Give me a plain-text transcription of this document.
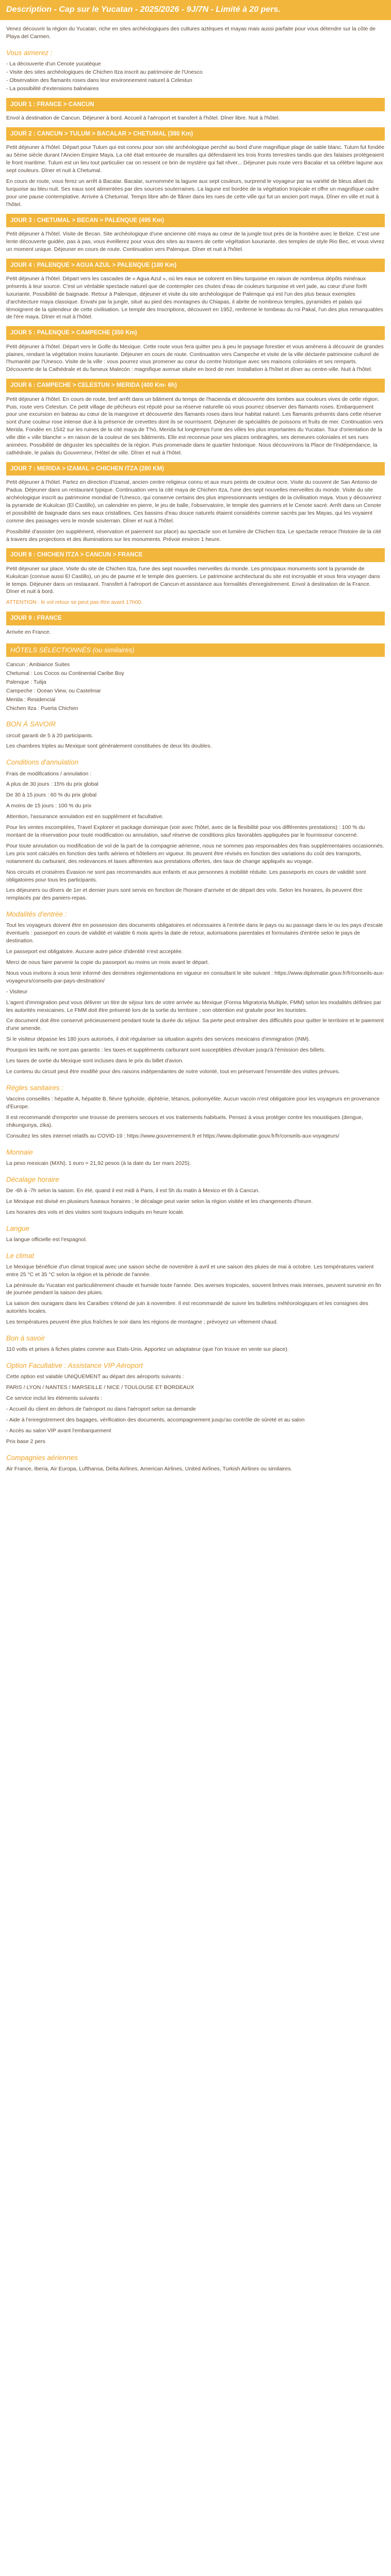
Description - Cap sur le Yucatan - 2025/2026 - 9J/7N - Limité à 20 pers.

Venez découvrir la région du Yucatan, riche en sites archéologiques des cultures aztèques et mayas mais aussi parfaite pour vous détendre sur la côte de Playa del Carmen.

Vous aimerez :
- La découverte d'un Cenote yucatèque
- Visite des sites archéologiques de Chichen Itza inscrit au patrimoine de l'Unesco
- Observation des flamants roses dans leur environnement naturel à Celestun
- La possibilité d'extensions balnéaires
JOUR 1 : FRANCE > CANCUN

Envol à destination de Cancun. Déjeuner à bord. Accueil à l'aéroport et transfert à l'hôtel. Dîner libre. Nuit à l'hôtel.

JOUR 2 : CANCUN > TULUM > BACALAR > CHETUMAL (380 Km)

Petit déjeuner à l'hôtel. Départ pour Tulum qui est connu pour son site archéologique perché au bord d'une magnifique plage de sable blanc. Tulum fut fondée au 5ème siècle durant l'Ancien Empire Maya. La cité était entourée de murailles qui défendaient les trois fronts terrestres tandis que des falaises protégeaient le front maritime. Tulum est un lieu tout particulier car on ressent ce brin de mystère qui fait rêver... Déjeuner puis route vers Bacalar et sa célèbre lagune aux sept couleurs. Dîner et nuit à Chetumal.

En cours de route, vous ferez un arrêt à Bacalar. Bacalar, surnommée la lagune aux sept couleurs, surprend le voyageur par sa variété de bleus allant du turquoise au bleu nuit. Ses eaux sont alimentées par des sources souterraines. La lagune est bordée de la végétation tropicale et offre un magnifique cadre pour une pause contemplative. Arrivée à Chetumal. Temps libre afin de flâner dans les rues de cette ville qui fut un ancien port maya. Dîner en ville et nuit à l'hôtel.

JOUR 3 : CHETUMAL > BECAN > PALENQUE (495 Km)

Petit déjeuner à l'hôtel. Visite de Becan. Site archéologique d'une ancienne cité maya au cœur de la jungle tout près de la frontière avec le Belize. C'est une lente découverte guidée, pas à pas, vous éveillerez pour vous des sites au travers de cette végétation luxuriante, des temples de style Rio Bec, et vous vivrez un moment unique. Déjeuner en cours de route. Continuation vers Palenque. Dîner et nuit à l'hôtel.

JOUR 4 : PALENQUE > AGUA AZUL > PALENQUE (180 Km)

Petit déjeuner à l'hôtel. Départ vers les cascades de « Agua Azul », où les eaux se colorent en bleu turquoise en raison de nombreux dépôts minéraux présents à leur source. C'est un véritable spectacle naturel que de contempler ces chutes d'eau de couleurs turquoise et vert jade, au cœur d'une forêt luxuriante. Possibilité de baignade. Retour à Palenque, déjeuner et visite du site archéologique de Palenque qui est l'un des plus beaux exemples d'architecture maya classique. Envahi par la jungle, situé au pied des montagnes du Chiapas, il abrite de nombreux temples, pyramides et palais qui témoignent de la splendeur de cette civilisation. Le temple des Inscriptions, découvert en 1952, renferme le tombeau du roi Pakal, l'un des plus remarquables de l'ère maya. Dîner et nuit à l'hôtel.

JOUR 5 : PALENQUE > CAMPECHE (350 Km)

Petit déjeuner à l'hôtel. Départ vers le Golfe du Mexique. Cette route vous fera quitter peu à peu le paysage forestier et vous amènera à découvrir de grandes plaines, rendant la végétation moins luxuriante. Déjeuner en cours de route. Continuation vers Campeche et visite de la ville déclarée patrimoine culturel de l'humanité par l'Unesco. Visite de la ville : vous pourrez vous promener au cœur du centre historique avec ses maisons coloniales et ses remparts. Découverte de la Cathédrale et du fameux Malecón : magnifique avenue située en bord de mer. Installation à l'hôtel et dîner au centre-ville. Nuit à l'hôtel.

JOUR 6 : CAMPECHE > CELESTUN > MERIDA (400 Km- 6h)

Petit déjeuner à l'hôtel. En cours de route, bref arrêt dans un bâtiment du temps de l'hacienda et découverte des tombes aux couleurs vives de cette région. Puis, route vers Celestun. Ce petit village de pêcheurs est réputé pour sa réserve naturelle où vous pourrez observer des flamants roses. Embarquement pour une excursion en bateau au cœur de la mangrove et découverte des flamants roses dans leur habitat naturel. Les flamants présents dans cette réserve sont d'une couleur rose intense due à la présence de crevettes dont ils se nourrissent. Déjeuner de spécialités de poissons et fruits de mer. Continuation vers Merida. Fondée en 1542 sur les ruines de la cité maya de T'hó, Merida fut longtemps l'une des villes les plus importantes du Yucatan. Tour d'orientation de la ville dite « ville blanche » en raison de la couleur de ses bâtiments. Elle est reconnue pour ses places ombragées, ses demeures coloniales et ses rues animées. Possibilité de déguster les spécialités de la région. Puis promenade dans le quartier historique. Nous découvrirons la Place de l'Indépendance, la cathédrale, le palais du Gouverneur, l'Hôtel de ville. Dîner et nuit à l'hôtel.

JOUR 7 : MERIDA > IZAMAL > CHICHEN ITZA (280 KM)

Petit déjeuner à l'hôtel. Partez en direction d'Izamal, ancien centre religieux connu et aux murs peints de couleur ocre. Visite du couvent de San Antonio de Padua. Déjeuner dans un restaurant typique. Continuation vers la cité maya de Chichen Itza, l'une des sept nouvelles merveilles du monde. Visite du site archéologique inscrit au patrimoine mondial de l'Unesco, qui conserve certains des plus impressionnants vestiges de la civilisation maya. Vous y découvrirez la pyramide de Kukulcan (El Castillo), un calendrier en pierre, le jeu de balle, l'observatoire, le temple des guerriers et le Cenote sacré. Arrêt dans un Cenote et possibilité de baignade dans ses eaux cristallines. Ces bassins d'eau douce naturels étaient considérés comme sacrés par les Mayas, qui les voyaient comme des passages vers le monde souterrain. Dîner et nuit à l'hôtel.

Possibilité d'assister (en supplément, réservation et paiement sur place) au spectacle son et lumière de Chichen Itza. Le spectacle retrace l'histoire de la cité à travers des projections et des illuminations sur les monuments. Prévoir environ 1 heure.

JOUR 8 : CHICHEN ITZA > CANCUN > FRANCE

Petit déjeuner sur place. Visite du site de Chichen Itza, l'une des sept nouvelles merveilles du monde. Les principaux monuments sont la pyramide de Kukulcan (connue aussi El Castillo), un jeu de paume et le temple des guerriers. Le patrimoine architectural du site est incroyable et vous fera voyager dans le temps. Déjeuner dans un restaurant. Transfert à l'aéroport de Cancun et assistance aux formalités d'enregistrement. Envol à destination de la France. Dîner et nuit à bord.

ATTENTION : le vol retour se peut pas être avant 17h00.

JOUR 9 : FRANCE

Arrivée en France.

HÔTELS SÉLECTIONNÉS (ou similaires)

Cancun : Ambiance Suites

Chetumal : Los Cocos ou Continental Caribe Boy

Palenque : Tulija

Campeche : Ocean View, ou Castelmar

Merida : Residencial

Chichen Itza : Puerta Chichen

BON À SAVOIR

circuit garanti de 5 à 20 participants.

Les chambres triples au Mexique sont généralement constituées de deux lits doubles.

Conditions d'annulation

Frais de modifications / annulation :

A plus de 30 jours : 15% du prix global

De 30 à 15 jours : 60 % du prix global

A moins de 15 jours : 100 % du prix

Attention, l'assurance annulation est en supplément et facultative.

Pour les ventes escomptées, Travel Explorer et package dominique (voir avec l'hôtel, avec de la flexibilité pour vos différentes prestations) : 100 % du montant de la réservation pour toute modification ou annulation, sauf réserve de conditions plus favorables appliquées par le fournisseur concerné.

Pour toute annulation ou modification de vol de la part de la compagnie aérienne, nous ne sommes pas responsables des frais supplémentaires occasionnés. Les prix sont calculés en fonction des tarifs aériens et hôteliers en vigueur. Ils peuvent être révisés en fonction des variations du coût des transports, notamment du carburant, des redevances et taxes afférentes aux prestations offertes, des taux de change appliqués au voyage.

Nos circuits et croisières Évasion ne sont pas recommandés aux enfants et aux personnes à mobilité réduite. Les passeports en cours de validité sont obligatoires pour tous les participants.

Les déjeuners ou dîners de 1er et dernier jours sont servis en fonction de l'horaire d'arrivée et de départ des vols. Selon les horaires, ils peuvent être remplacés par des paniers-repas.

Modalités d'entrée :

Tout les voyageurs doivent être en possession des documents obligatoires et nécessaires à l'entrée dans le pays ou au passage dans le ou les pays d'escale éventuels : passeport en cours de validité et valable 6 mois après la date de retour, autorisations parentales et formulaires d'entrée selon le pays de destination.

Le passeport est obligatoire. Aucune autre pièce d'identité n'est acceptée.

Merci de nous faire parvenir la copie du passeport au moins un mois avant le départ.

Nous vous invitons à vous tenir informé des dernières réglementations en vigueur en consultant le site suivant : https://www.diplomatie.gouv.fr/fr/conseils-aux-voyageurs/conseils-par-pays-destination/

- Visiteur

L'agent d'immigration peut vous délivrer un titre de séjour lors de votre arrivée au Mexique (Forma Migratoria Multiple, FMM) selon les modalités définies par les autorités mexicaines. Le FMM doit être présenté lors de la sortie du territoire ; son obtention est gratuite pour les touristes.

Ce document doit être conservé précieusement pendant toute la durée du séjour. Sa perte peut entraîner des difficultés pour quitter le territoire et le paiement d'une amende.

Si le visiteur dépasse les 180 jours autorisés, il doit régulariser sa situation auprès des services mexicains d'immigration (INM).

Pourquoi les tarifs ne sont pas garantis : les taxes et suppléments carburant sont susceptibles d'évoluer jusqu'à l'émission des billets.

Les taxes de sortie du Mexique sont incluses dans le prix du billet d'avion.

Le contenu du circuit peut être modifié pour des raisons indépendantes de notre volonté, tout en préservant l'ensemble des visites prévues.

Règles sanitaires :

Vaccins conseillés : hépatite A, hépatite B, fièvre typhoïde, diphtérie, tétanos, poliomyélite. Aucun vaccin n'est obligatoire pour les voyageurs en provenance d'Europe.

Il est recommandé d'emporter une trousse de premiers secours et vos traitements habituels. Pensez à vous protéger contre les moustiques (dengue, chikungunya, zika).

Consultez les sites internet relatifs au COVID-19 : https://www.gouvernement.fr et https://www.diplomatie.gouv.fr/fr/conseils-aux-voyageurs/

Monnaie

La peso mexicain (MXN). 1 euro = 21,92 pesos (à la date du 1er mars 2025).

Décalage horaire

De -6h à -7h selon la saison. En été, quand il est midi à Paris, il est 5h du matin à Mexico et 6h à Cancun.

Le Mexique est divisé en plusieurs fuseaux horaires ; le décalage peut varier selon la région visitée et les changements d'heure.

Les horaires des vols et des visites sont toujours indiqués en heure locale.

Langue

La langue officielle est l'espagnol.

Le climat

Le Mexique bénéficie d'un climat tropical avec une saison sèche de novembre à avril et une saison des pluies de mai à octobre. Les températures varient entre 25 °C et 35 °C selon la région et la période de l'année.

La péninsule du Yucatan est particulièrement chaude et humide toute l'année. Des averses tropicales, souvent brèves mais intenses, peuvent survenir en fin de journée pendant la saison des pluies.

La saison des ouragans dans les Caraïbes s'étend de juin à novembre. Il est recommandé de suivre les bulletins météorologiques et les consignes des autorités locales.

Les températures peuvent être plus fraîches le soir dans les régions de montagne ; prévoyez un vêtement chaud.

Bon à savoir

110 volts et prises à fiches plates comme aux Etats-Unis. Apportez un adaptateur (que l'on trouve en vente sur place).

Option Facultative : Assistance VIP Aéroport

Cette option est valable UNIQUEMENT au départ des aéroports suivants :

PARIS / LYON / NANTES / MARSEILLE / NICE / TOULOUSE ET BORDEAUX

Ce service inclut les éléments suivants :

- Accueil du client en dehors de l'aéroport ou dans l'aéroport selon sa demande

- Aide à l'enregistrement des bagages, vérification des documents, accompagnement jusqu'au contrôle de sûreté et au salon

- Accès au salon VIP avant l'embarquement

Prix base 2 pers

Compagnies aériennes

Air France, Iberia, Air Europa, Lufthansa, Delta Airlines, American Airlines, United Airlines, Turkish Airlines ou similaires.
